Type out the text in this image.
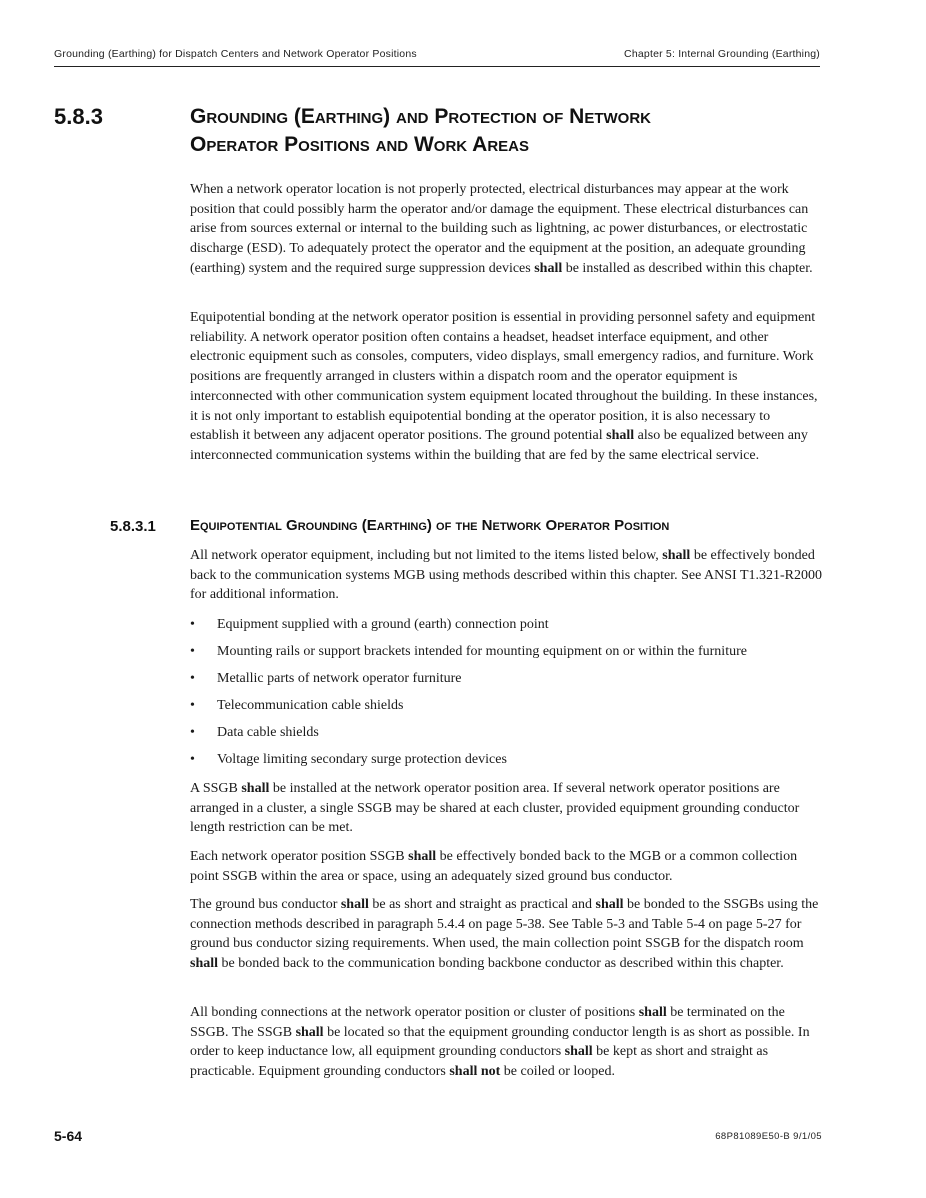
Grounding (Earthing) for Dispatch Centers and Network Operator Positions	Chapter 5: Internal Grounding (Earthing)
5.8.3	Grounding (Earthing) and Protection of Network
Operator Positions and Work Areas

When a network operator location is not properly protected, electrical disturbances may appear at the work position that could possibly harm the operator and/or damage the equipment. These electrical disturbances can arise from sources external or internal to the building such as lightning, ac power disturbances, or electrostatic discharge (ESD). To adequately protect the operator and the equipment at the position, an adequate grounding (earthing) system and the required surge suppression devices shall be installed as described within this chapter.

Equipotential bonding at the network operator position is essential in providing personnel safety and equipment reliability. A network operator position often contains a headset, headset interface equipment, and other electronic equipment such as consoles, computers, video displays, small emergency radios, and furniture. Work positions are frequently arranged in clusters within a dispatch room and the operator equipment is interconnected with other communication system equipment located throughout the building. In these instances, it is not only important to establish equipotential bonding at the operator position, it is also necessary to establish it between any adjacent operator positions. The ground potential shall also be equalized between any interconnected communication systems within the building that are fed by the same electrical service.

5.8.3.1 Equipotential Grounding (Earthing) of the Network Operator Position

All network operator equipment, including but not limited to the items listed below, shall be effectively bonded back to the communication systems MGB using methods described within this chapter. See ANSI T1.321-R2000 for additional information.

• Equipment supplied with a ground (earth) connection point
• Mounting rails or support brackets intended for mounting equipment on or within the furniture
• Metallic parts of network operator furniture
• Telecommunication cable shields
• Data cable shields
• Voltage limiting secondary surge protection devices

A SSGB shall be installed at the network operator position area. If several network operator positions are arranged in a cluster, a single SSGB may be shared at each cluster, provided equipment grounding conductor length restriction can be met.

Each network operator position SSGB shall be effectively bonded back to the MGB or a common collection point SSGB within the area or space, using an adequately sized ground bus conductor.

The ground bus conductor shall be as short and straight as practical and shall be bonded to the SSGBs using the connection methods described in paragraph 5.4.4 on page 5-38. See Table 5-3 and Table 5-4 on page 5-27 for ground bus conductor sizing requirements. When used, the main collection point SSGB for the dispatch room shall be bonded back to the communication bonding backbone conductor as described within this chapter.

All bonding connections at the network operator position or cluster of positions shall be terminated on the SSGB. The SSGB shall be located so that the equipment grounding conductor length is as short as possible. In order to keep inductance low, all equipment grounding conductors shall be kept as short and straight as practicable. Equipment grounding conductors shall not be coiled or looped.

5-64	68P81089E50-B 9/1/05
